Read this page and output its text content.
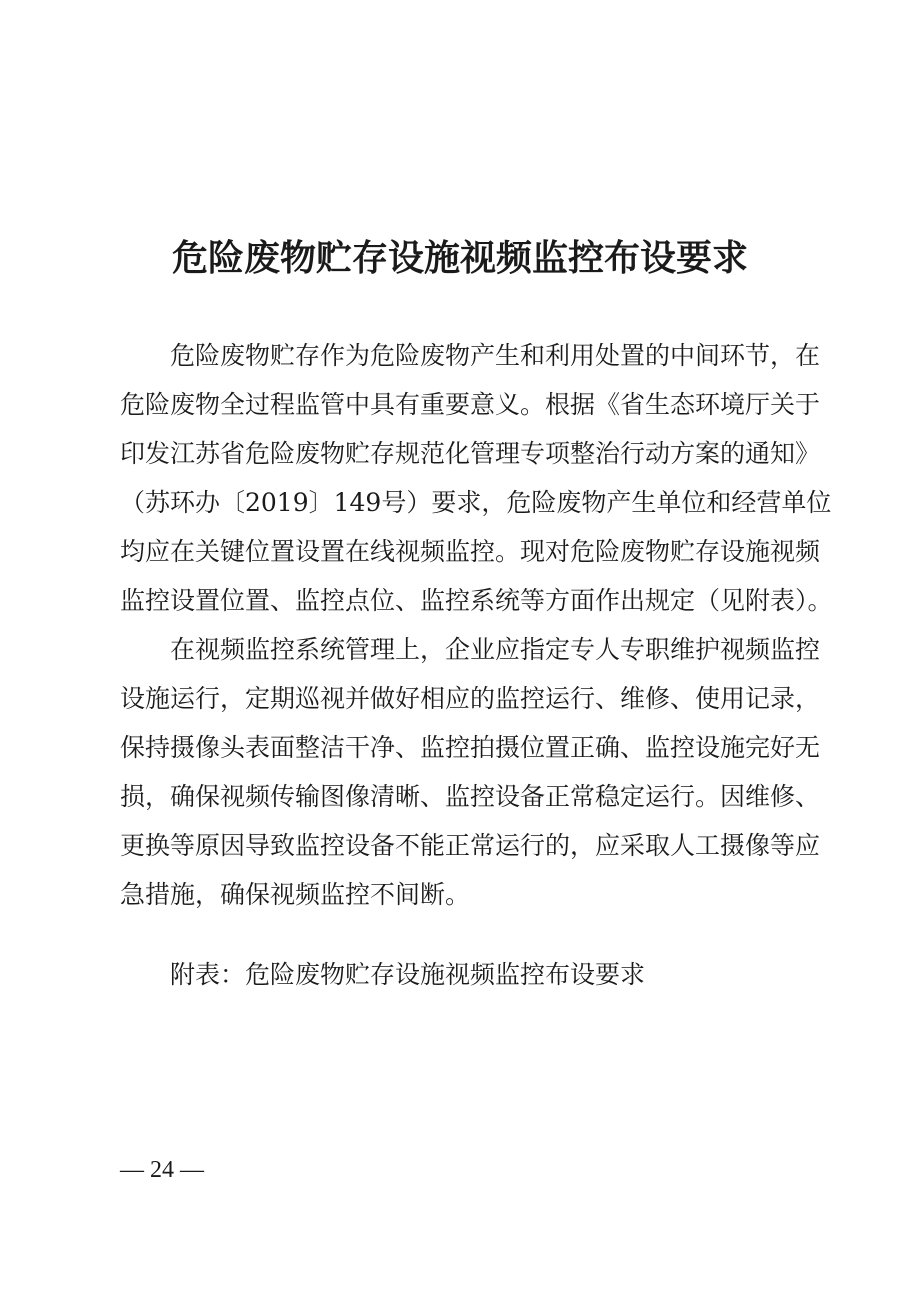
危险废物贮存设施视频监控布设要求
危险废物贮存作为危险废物产生和利用处置的中间环节，在
危险废物全过程监管中具有重要意义。根据《省生态环境厅关于
印发江苏省危险废物贮存规范化管理专项整治行动方案的通知》
（苏环办〔2019〕149号）要求，危险废物产生单位和经营单位
均应在关键位置设置在线视频监控。现对危险废物贮存设施视频
监控设置位置、监控点位、监控系统等方面作出规定（见附表）。
在视频监控系统管理上，企业应指定专人专职维护视频监控
设施运行，定期巡视并做好相应的监控运行、维修、使用记录，
保持摄像头表面整洁干净、监控拍摄位置正确、监控设施完好无
损，确保视频传输图像清晰、监控设备正常稳定运行。因维修、
更换等原因导致监控设备不能正常运行的，应采取人工摄像等应
急措施，确保视频监控不间断。
附表：危险废物贮存设施视频监控布设要求
— 24 —
